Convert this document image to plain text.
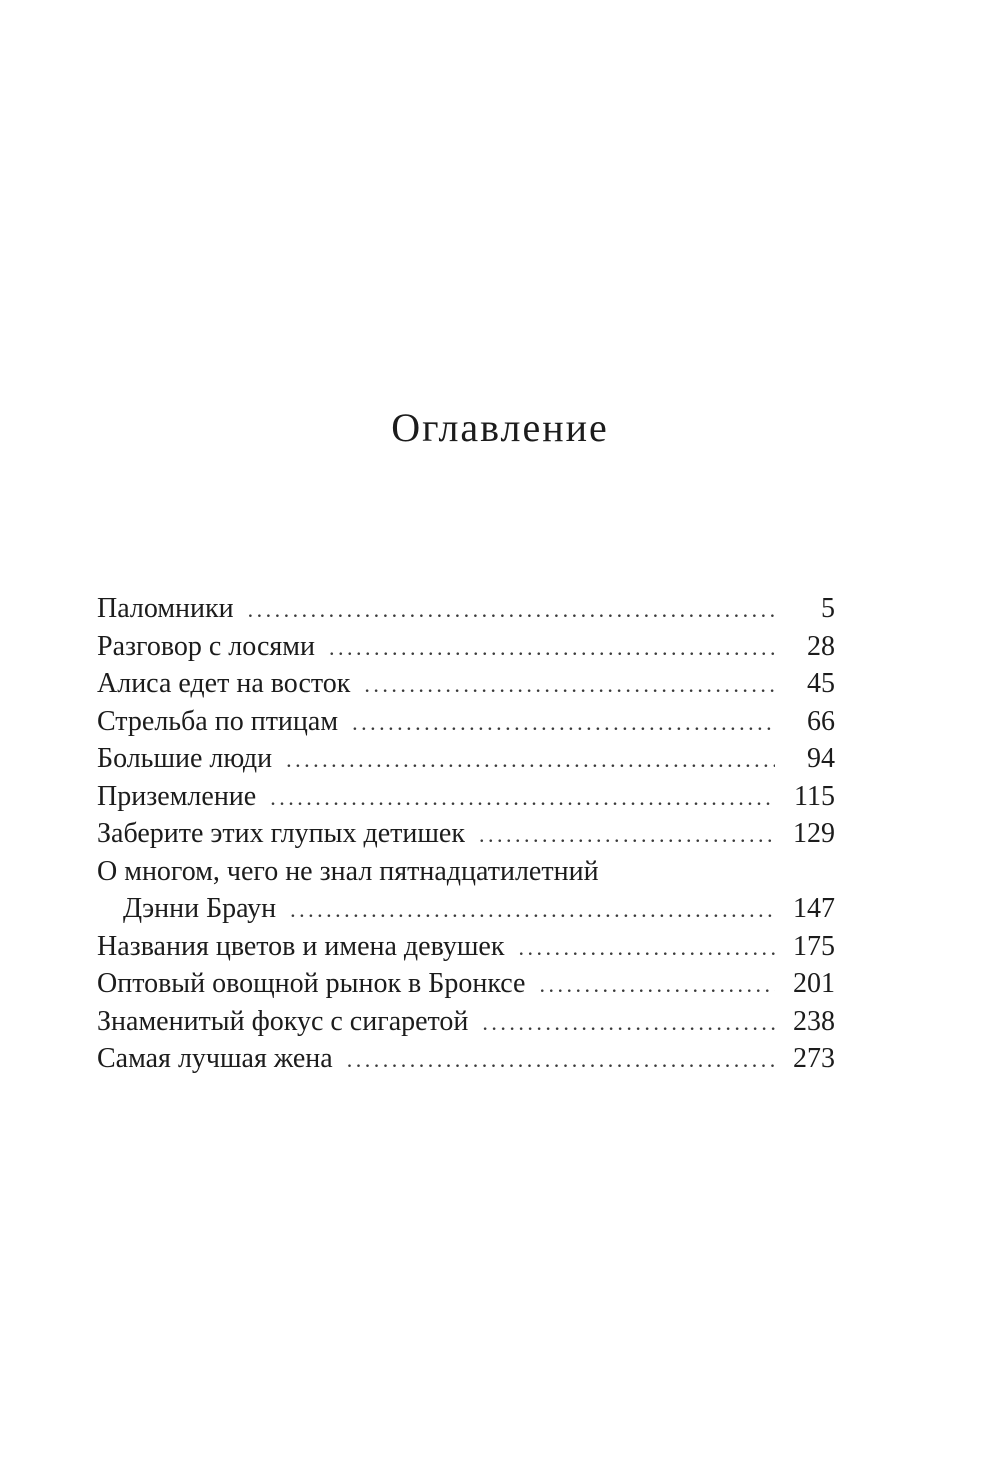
Оглавление
Паломники . . .	5
Разговор с лосями . . .	28
Алиса едет на восток . . .	45
Стрельба по птицам . . .	66
Большие люди . . .	94
Приземление . . .	115
Заберите этих глупых детишек . . .	129
О многом, чего не знал пятнадцатилетний
Дэнни Браун . . .	147
Названия цветов и имена девушек . . .	175
Оптовый овощной рынок в Бронксе . . .	201
Знаменитый фокус с сигаретой . . .	238
Самая лучшая жена . . .	273
